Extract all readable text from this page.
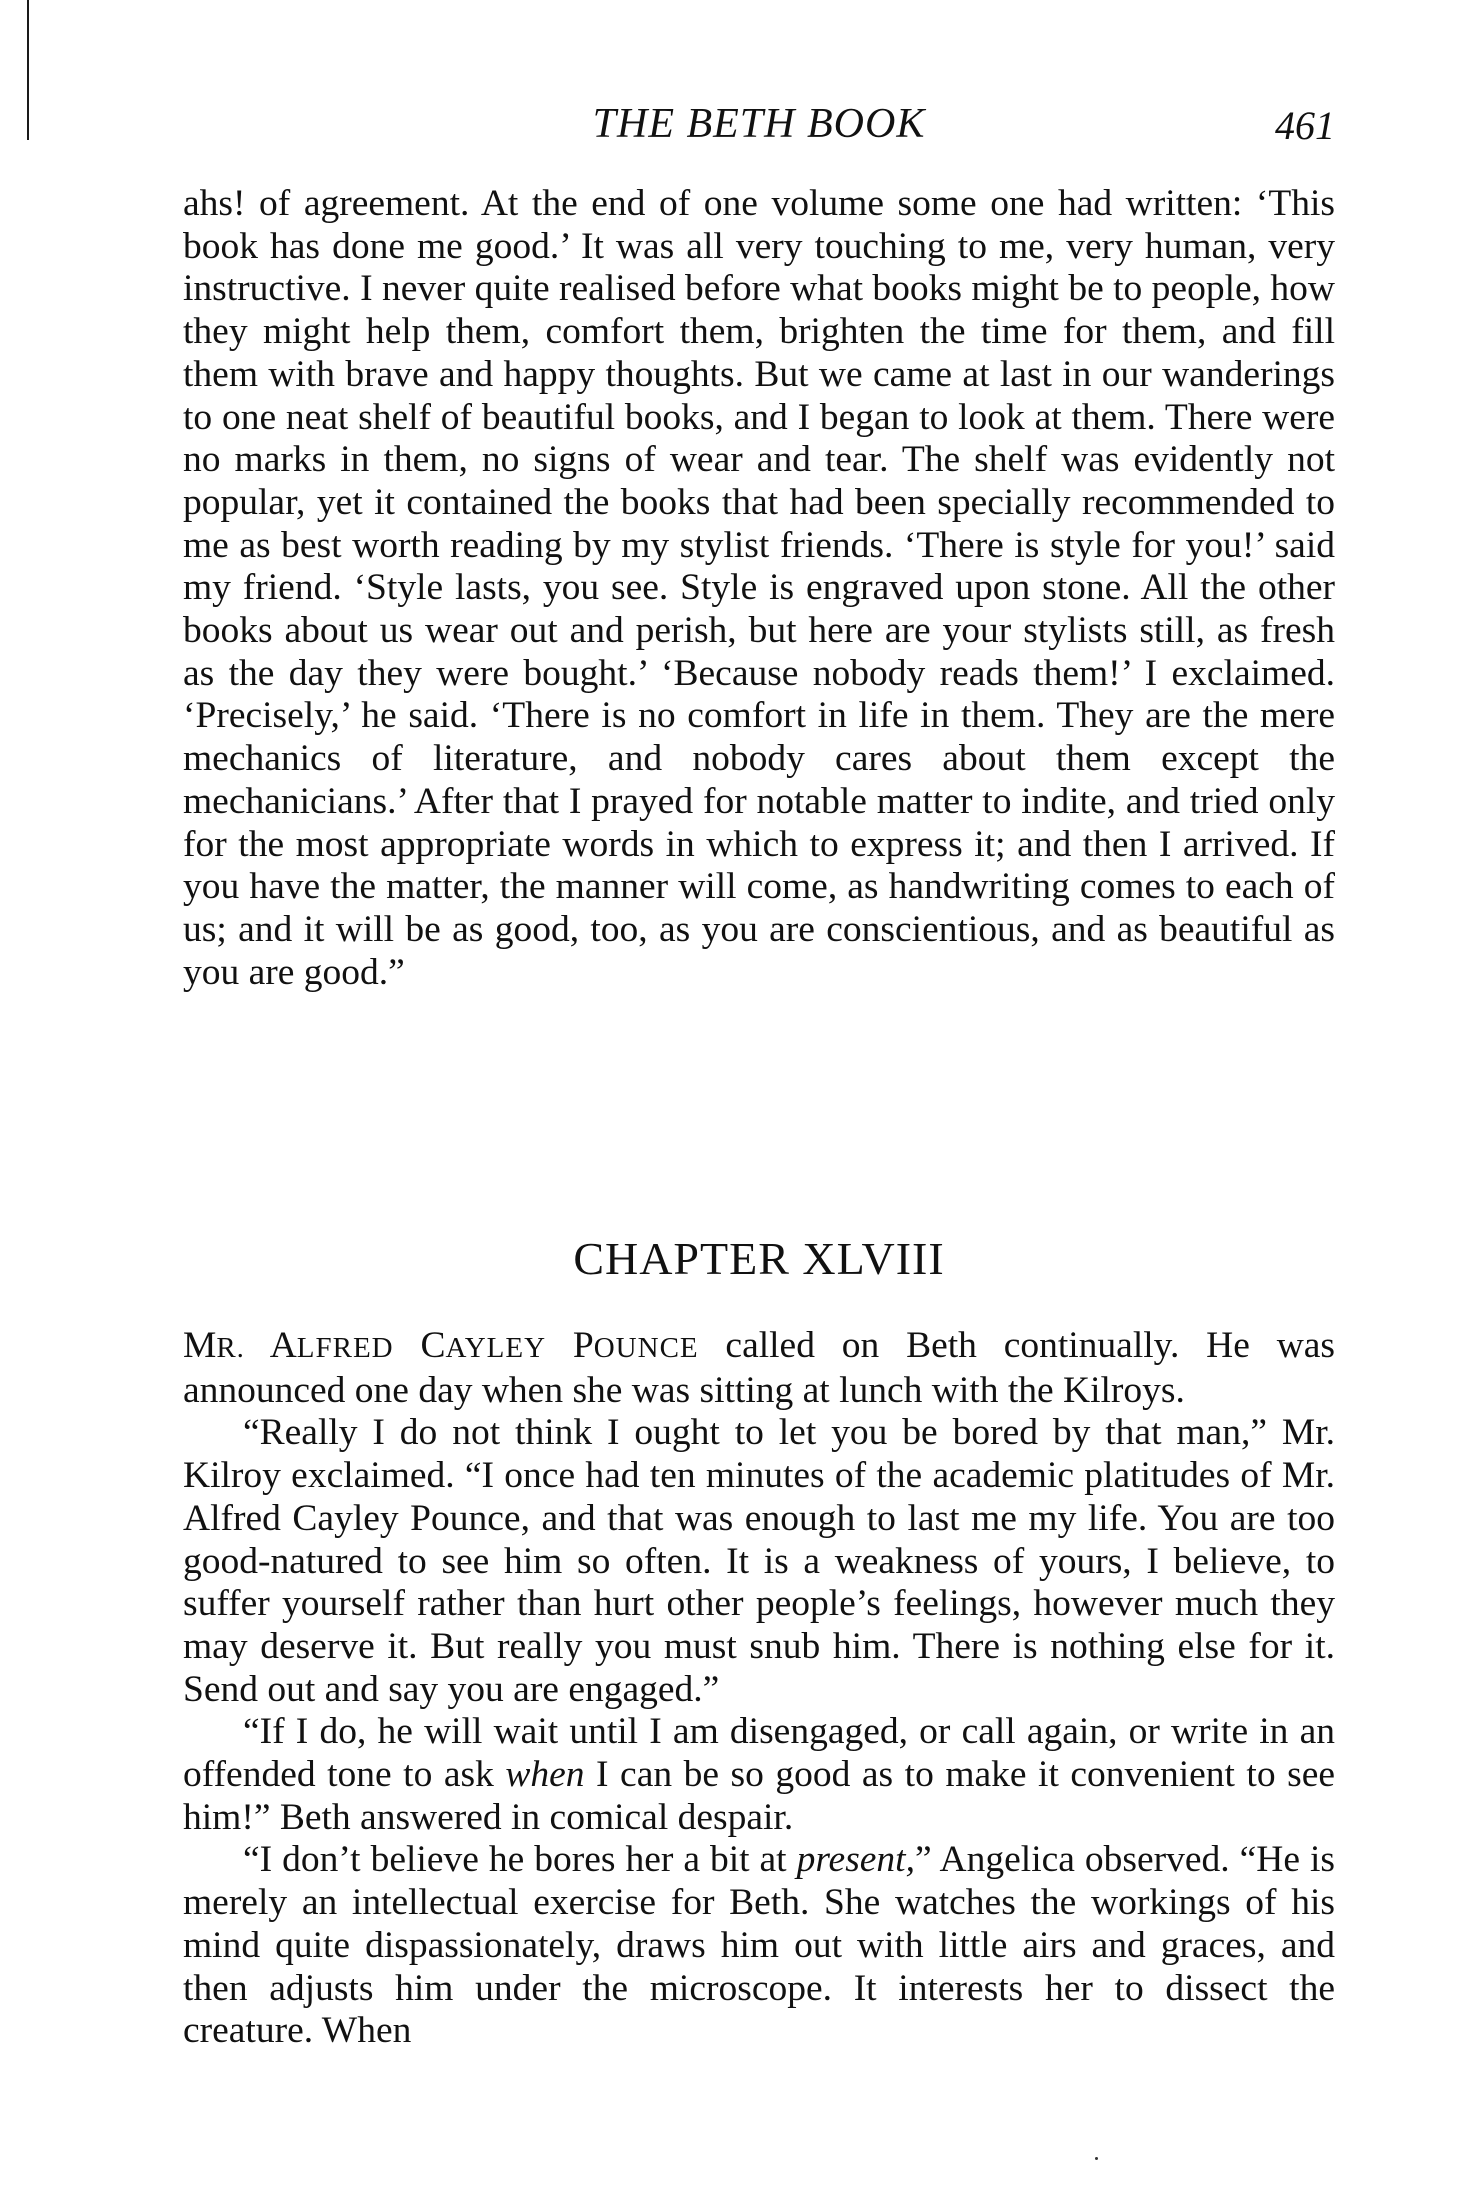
THE BETH BOOK	461

ahs! of agreement. At the end of one volume some one had written: ‘This book has done me good.’ It was all very touching to me, very human, very instructive. I never quite realised before what books might be to people, how they might help them, comfort them, brighten the time for them, and fill them with brave and happy thoughts. But we came at last in our wanderings to one neat shelf of beautiful books, and I began to look at them. There were no marks in them, no signs of wear and tear. The shelf was evidently not popular, yet it contained the books that had been specially recommended to me as best worth reading by my stylist friends. ‘There is style for you!’ said my friend. ‘Style lasts, you see. Style is engraved upon stone. All the other books about us wear out and perish, but here are your stylists still, as fresh as the day they were bought.’ ‘Because nobody reads them!’ I exclaimed. ‘Precisely,’ he said. ‘There is no comfort in life in them. They are the mere mechanics of literature, and nobody cares about them except the mechanicians.’ After that I prayed for notable matter to indite, and tried only for the most appropriate words in which to express it; and then I arrived. If you have the matter, the manner will come, as handwriting comes to each of us; and it will be as good, too, as you are conscientious, and as beautiful as you are good.”

CHAPTER XLVIII

MR. ALFRED CAYLEY POUNCE called on Beth continually. He was announced one day when she was sitting at lunch with the Kilroys.

“Really I do not think I ought to let you be bored by that man,” Mr. Kilroy exclaimed. “I once had ten minutes of the academic platitudes of Mr. Alfred Cayley Pounce, and that was enough to last me my life. You are too good-natured to see him so often. It is a weakness of yours, I believe, to suffer yourself rather than hurt other people’s feelings, however much they may deserve it. But really you must snub him. There is nothing else for it. Send out and say you are engaged.”

“If I do, he will wait until I am disengaged, or call again, or write in an offended tone to ask when I can be so good as to make it convenient to see him!” Beth answered in comical despair.

“I don’t believe he bores her a bit at present,” Angelica observed. “He is merely an intellectual exercise for Beth. She watches the workings of his mind quite dispassionately, draws him out with little airs and graces, and then adjusts him under the microscope. It interests her to dissect the creature. When
